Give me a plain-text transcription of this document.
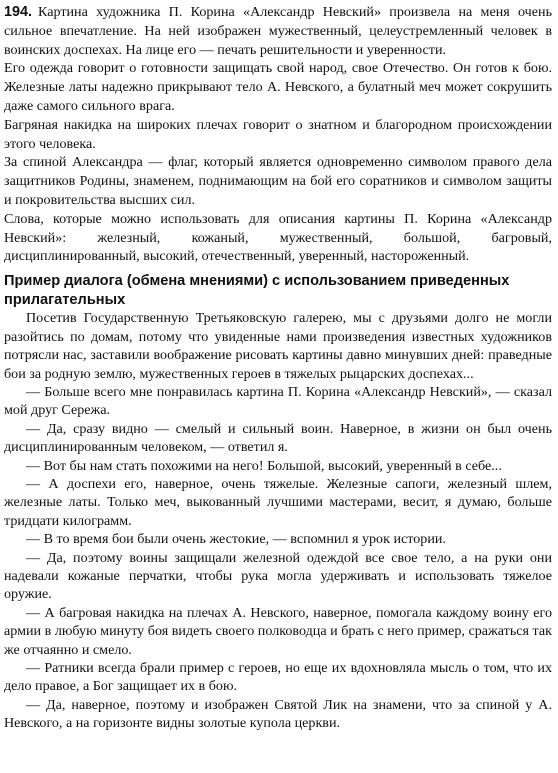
194. Картина художника П. Корина «Александр Невский» произвела на меня очень сильное впечатление. На ней изображен мужественный, целеустремленный человек в воинских доспехах. На лице его — печать решительности и уверенности.

Его одежда говорит о готовности защищать свой народ, свое Отечество. Он готов к бою. Железные латы надежно прикрывают тело А. Невского, а булатный меч может сокрушить даже самого сильного врага.

Багряная накидка на широких плечах говорит о знатном и благородном происхождении этого человека.

За спиной Александра — флаг, который является одновременно символом правого дела защитников Родины, знаменем, поднимающим на бой его соратников и символом защиты и покровительства высших сил.

Слова, которые можно использовать для описания картины П. Корина «Александр Невский»: железный, кожаный, мужественный, большой, багровый, дисциплинированный, высокий, отечественный, уверенный, настороженный.

Пример диалога (обмена мнениями) с использованием приведенных прилагательных

Посетив Государственную Третьяковскую галерею, мы с друзьями долго не могли разойтись по домам, потому что увиденные нами произведения известных художников потрясли нас, заставили воображение рисовать картины давно минувших дней: праведные бои за родную землю, мужественных героев в тяжелых рыцарских доспехах...

— Больше всего мне понравилась картина П. Корина «Александр Невский», — сказал мой друг Сережа.

— Да, сразу видно — смелый и сильный воин. Наверное, в жизни он был очень дисциплинированным человеком, — ответил я.

— Вот бы нам стать похожими на него! Большой, высокий, уверенный в себе...

— А доспехи его, наверное, очень тяжелые. Железные сапоги, железный шлем, железные латы. Только меч, выкованный лучшими мастерами, весит, я думаю, больше тридцати килограмм.

— В то время бои были очень жестокие, — вспомнил я урок истории.

— Да, поэтому воины защищали железной одеждой все свое тело, а на руки они надевали кожаные перчатки, чтобы рука могла удерживать и использовать тяжелое оружие.

— А багровая накидка на плечах А. Невского, наверное, помогала каждому воину его армии в любую минуту боя видеть своего полководца и брать с него пример, сражаться так же отчаянно и смело.

— Ратники всегда брали пример с героев, но еще их вдохновляла мысль о том, что их дело правое, а Бог защищает их в бою.

— Да, наверное, поэтому и изображен Святой Лик на знамени, что за спиной у А. Невского, а на горизонте видны золотые купола церкви.
